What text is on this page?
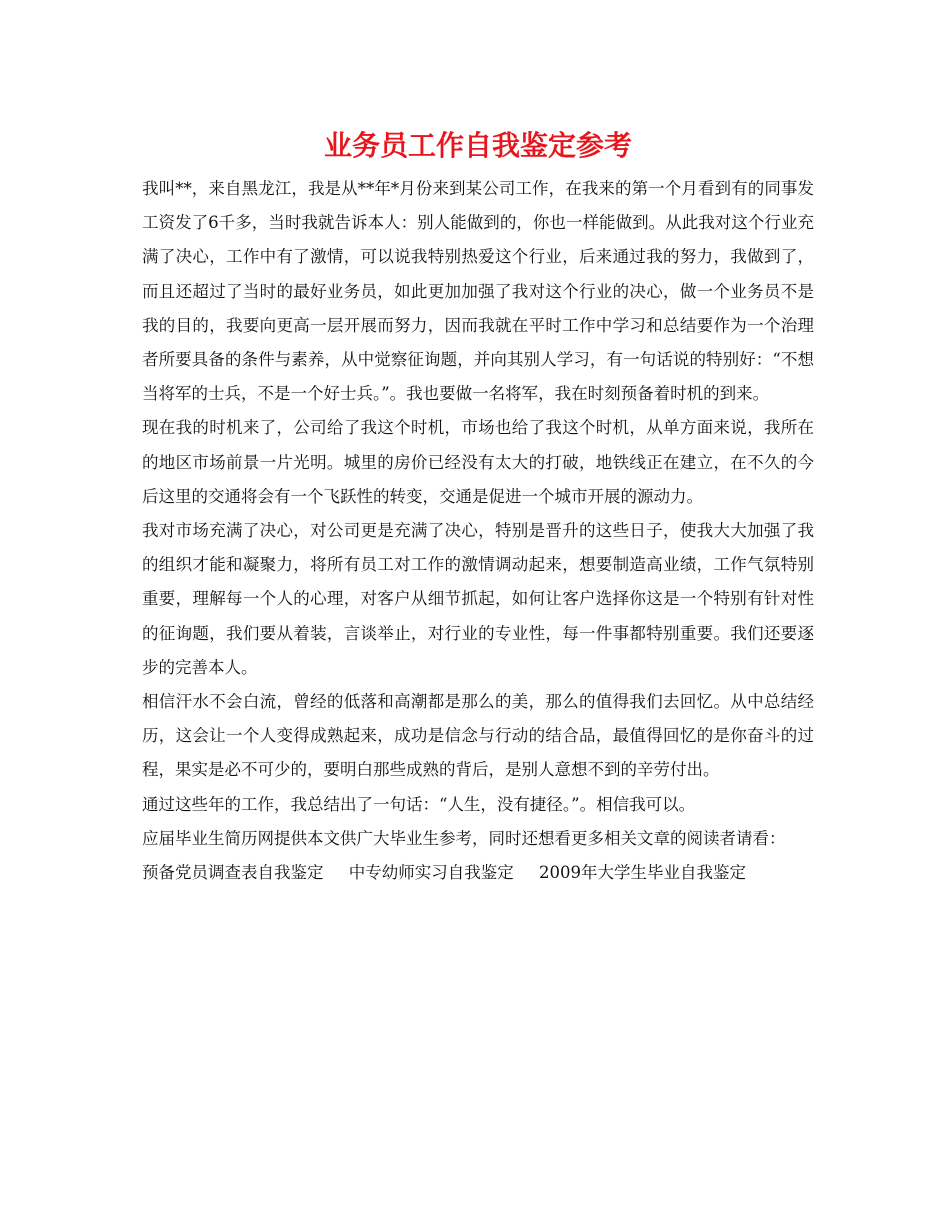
业务员工作自我鉴定参考

我叫**，来自黑龙江，我是从**年*月份来到某公司工作，在我来的第一个月看到有的同事发工资发了6千多，当时我就告诉本人：别人能做到的，你也一样能做到。从此我对这个行业充满了决心，工作中有了激情，可以说我特别热爱这个行业，后来通过我的努力，我做到了，而且还超过了当时的最好业务员，如此更加加强了我对这个行业的决心，做一个业务员不是我的目的，我要向更高一层开展而努力，因而我就在平时工作中学习和总结要作为一个治理者所要具备的条件与素养，从中觉察征询题，并向其别人学习，有一句话说的特别好：“不想当将军的士兵，不是一个好士兵。”。我也要做一名将军，我在时刻预备着时机的到来。

现在我的时机来了，公司给了我这个时机，市场也给了我这个时机，从单方面来说，我所在的地区市场前景一片光明。城里的房价已经没有太大的打破，地铁线正在建立，在不久的今后这里的交通将会有一个飞跃性的转变，交通是促进一个城市开展的源动力。

我对市场充满了决心，对公司更是充满了决心，特别是晋升的这些日子，使我大大加强了我的组织才能和凝聚力，将所有员工对工作的激情调动起来，想要制造高业绩，工作气氛特别重要，理解每一个人的心理，对客户从细节抓起，如何让客户选择你这是一个特别有针对性的征询题，我们要从着装，言谈举止，对行业的专业性，每一件事都特别重要。我们还要逐步的完善本人。

相信汗水不会白流，曾经的低落和高潮都是那么的美，那么的值得我们去回忆。从中总结经历，这会让一个人变得成熟起来，成功是信念与行动的结合品，最值得回忆的是你奋斗的过程，果实是必不可少的，要明白那些成熟的背后，是别人意想不到的辛劳付出。

通过这些年的工作，我总结出了一句话：“人生，没有捷径。”。相信我可以。

应届毕业生简历网提供本文供广大毕业生参考，同时还想看更多相关文章的阅读者请看：

预备党员调查表自我鉴定 中专幼师实习自我鉴定 2009年大学生毕业自我鉴定
